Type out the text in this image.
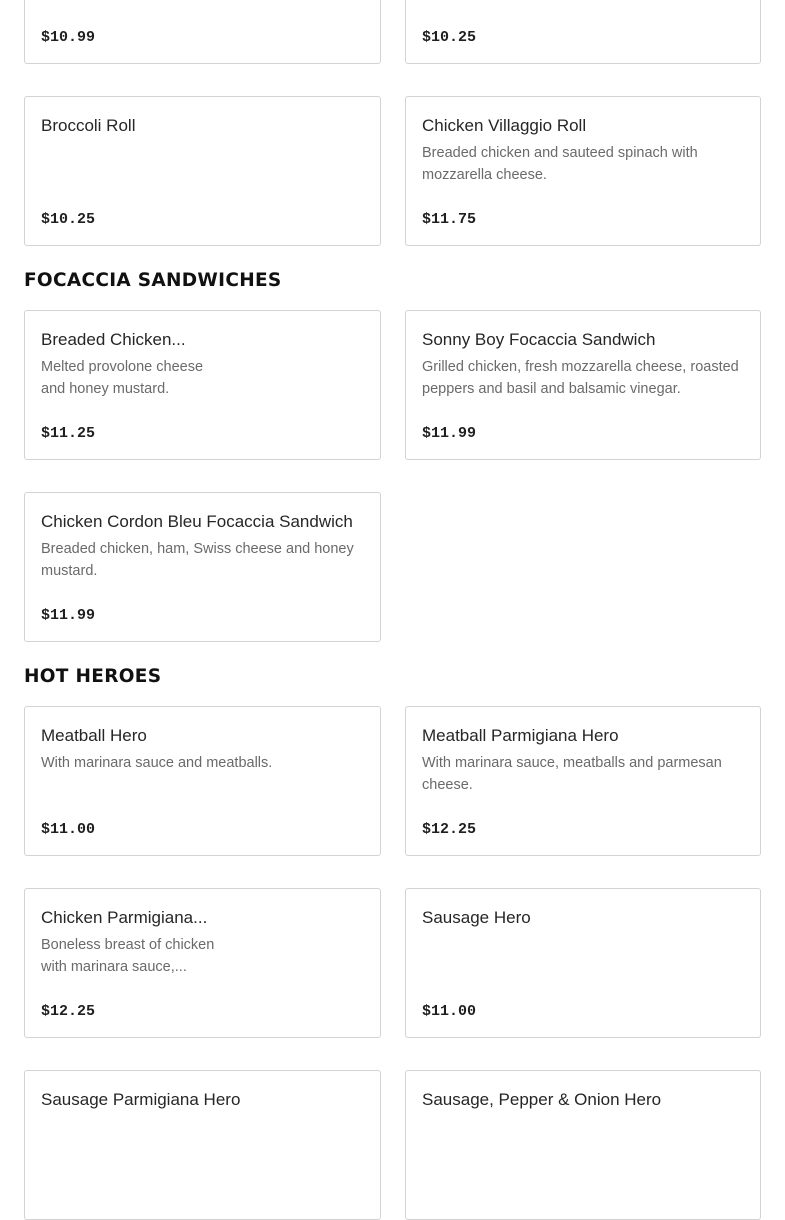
$10.99	$10.25
Broccoli Roll
$10.25
Chicken Villaggio Roll
Breaded chicken and sauteed spinach with mozzarella cheese.
$11.75
FOCACCIA SANDWICHES
Breaded Chicken...
Melted provolone cheese and honey mustard.
$11.25
Sonny Boy Focaccia Sandwich
Grilled chicken, fresh mozzarella cheese, roasted peppers and basil and balsamic vinegar.
$11.99
Chicken Cordon Bleu Focaccia Sandwich
Breaded chicken, ham, Swiss cheese and honey mustard.
$11.99
HOT HEROES
Meatball Hero
With marinara sauce and meatballs.
$11.00
Meatball Parmigiana Hero
With marinara sauce, meatballs and parmesan cheese.
$12.25
Chicken Parmigiana...
Boneless breast of chicken with marinara sauce,...
$12.25
Sausage Hero
$11.00
Sausage Parmigiana Hero	Sausage, Pepper & Onion Hero
